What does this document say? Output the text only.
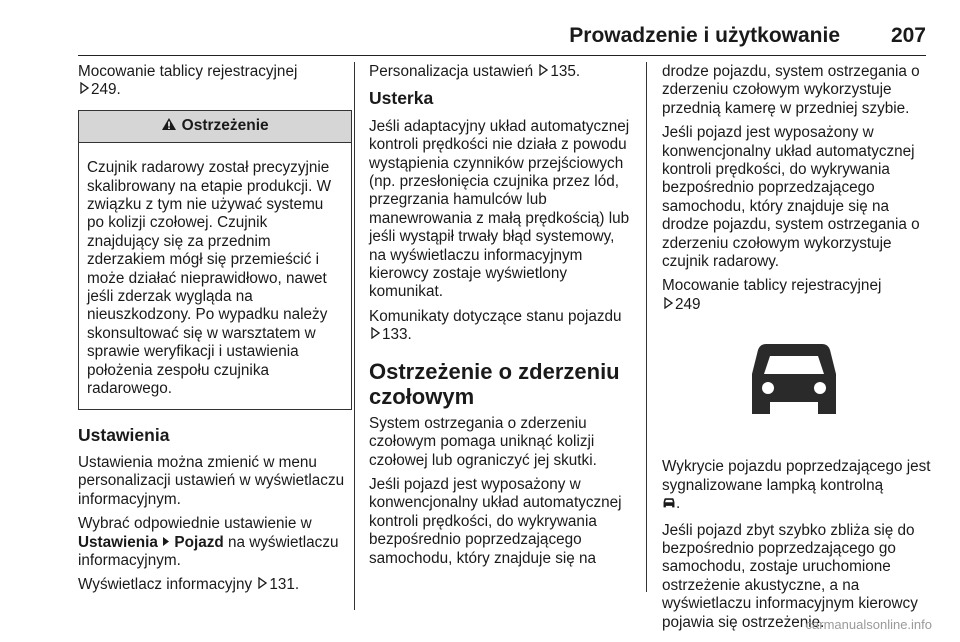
Prowadzenie i użytkowanie 207

Mocowanie tablicy rejestracyjnej
249.

Ostrzeżenie
Czujnik radarowy został precyzyjnie skalibrowany na etapie produkcji. W związku z tym nie używać systemu po kolizji czołowej. Czujnik znajdujący się za przednim zderzakiem mógł się przemieścić i może działać nieprawidłowo, nawet jeśli zderzak wygląda na nieuszkodzony. Po wypadku należy skonsultować się w warsztatem w sprawie weryfikacji i ustawienia położenia zespołu czujnika radarowego.
Ustawienia

Ustawienia można zmienić w menu personalizacji ustawień w wyświetlaczu informacyjnym.

Wybrać odpowiednie ustawienie w Ustawienia Pojazd na wyświetlaczu informacyjnym.

Wyświetlacz informacyjny 131.

Personalizacja ustawień 135.

Usterka

Jeśli adaptacyjny układ automatycznej kontroli prędkości nie działa z powodu wystąpienia czynników przejściowych (np. przesłonięcia czujnika przez lód, przegrzania hamulców lub manewrowania z małą prędkością) lub jeśli wystąpił trwały błąd systemowy, na wyświetlaczu informacyjnym kierowcy zostaje wyświetlony komunikat.

Komunikaty dotyczące stanu pojazdu
133.

Ostrzeżenie o zderzeniu czołowym

System ostrzegania o zderzeniu czołowym pomaga uniknąć kolizji czołowej lub ograniczyć jej skutki.

Jeśli pojazd jest wyposażony w konwencjonalny układ automatycznej kontroli prędkości, do wykrywania bezpośrednio poprzedzającego samochodu, który znajduje się na

drodze pojazdu, system ostrzegania o zderzeniu czołowym wykorzystuje przednią kamerę w przedniej szybie.

Jeśli pojazd jest wyposażony w konwencjonalny układ automatycznej kontroli prędkości, do wykrywania bezpośrednio poprzedzającego samochodu, który znajduje się na drodze pojazdu, system ostrzegania o zderzeniu czołowym wykorzystuje czujnik radarowy.

Mocowanie tablicy rejestracyjnej
249

Wykrycie pojazdu poprzedzającego jest sygnalizowane lampką kontrolną
.

Jeśli pojazd zbyt szybko zbliża się do bezpośrednio poprzedzającego go samochodu, zostaje uruchomione ostrzeżenie akustyczne, a na wyświetlaczu informacyjnym kierowcy pojawia się ostrzeżenie.

carmanualsonline.info
